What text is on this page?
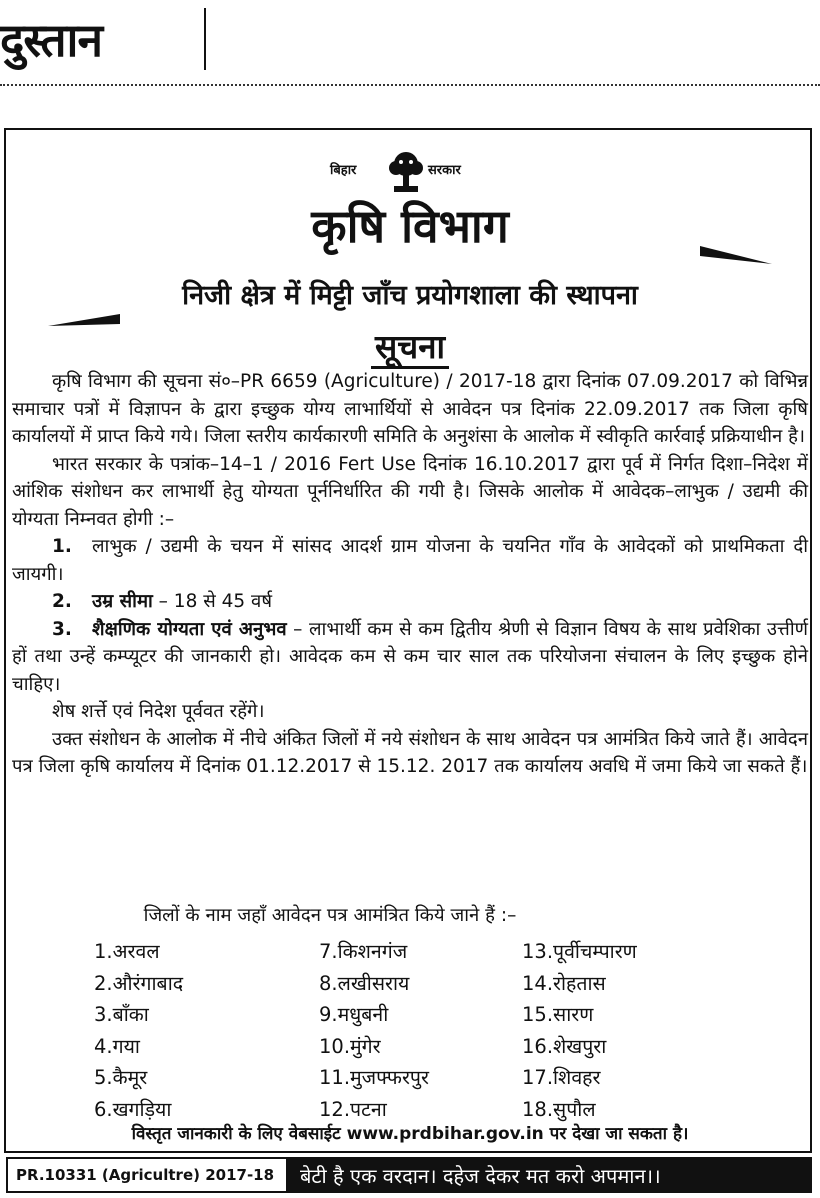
दुस्तान
बिहार	सरकार
कृषि विभाग
निजी क्षेत्र में मिट्टी जाँच प्रयोगशाला की स्थापना
सूचना

कृषि विभाग की सूचना सं०–PR 6659 (Agriculture) / 2017-18 द्वारा दिनांक 07.09.2017 को विभिन्न समाचार पत्रों में विज्ञापन के द्वारा इच्छुक योग्य लाभार्थियों से आवेदन पत्र दिनांक 22.09.2017 तक जिला कृषि कार्यालयों में प्राप्त किये गये। जिला स्तरीय कार्यकारणी समिति के अनुशंसा के आलोक में स्वीकृति कार्रवाई प्रक्रियाधीन है।

भारत सरकार के पत्रांक–14–1 / 2016 Fert Use दिनांक 16.10.2017 द्वारा पूर्व में निर्गत दिशा–निदेश में आंशिक संशोधन कर लाभार्थी हेतु योग्यता पूर्ननिर्धारित की गयी है। जिसके आलोक में आवेदक–लाभुक / उद्यमी की योग्यता निम्नवत होगी :–

1. लाभुक / उद्यमी के चयन में सांसद आदर्श ग्राम योजना के चयनित गाँव के आवेदकों को प्राथमिकता दी जायगी।

2. उम्र सीमा – 18 से 45 वर्ष

3. शैक्षणिक योग्यता एवं अनुभव – लाभार्थी कम से कम द्वितीय श्रेणी से विज्ञान विषय के साथ प्रवेशिका उत्तीर्ण हों तथा उन्हें कम्प्यूटर की जानकारी हो। आवेदक कम से कम चार साल तक परियोजना संचालन के लिए इच्छुक होने चाहिए।

शेष शर्त्ते एवं निदेश पूर्ववत रहेंगे।

उक्त संशोधन के आलोक में नीचे अंकित जिलों में नये संशोधन के साथ आवेदन पत्र आमंत्रित किये जाते हैं। आवेदन पत्र जिला कृषि कार्यालय में दिनांक 01.12.2017 से 15.12. 2017 तक कार्यालय अवधि में जमा किये जा सकते हैं।

जिलों के नाम जहाँ आवेदन पत्र आमंत्रित किये जाने हैं :–
1.अरवल
2.औरंगाबाद
3.बाँका
4.गया
5.कैमूर
6.खगड़िया
7.किशनगंज
8.लखीसराय
9.मधुबनी
10.मुंगेर
11.मुजफ्फरपुर
12.पटना
13.पूर्वीचम्पारण
14.रोहतास
15.सारण
16.शेखपुरा
17.शिवहर
18.सुपौल
विस्तृत जानकारी के लिए वेबसाईट www.prdbihar.gov.in पर देखा जा सकता है।
PR.10331 (Agricultre) 2017-18	बेटी है एक वरदान। दहेज देकर मत करो अपमान।।
